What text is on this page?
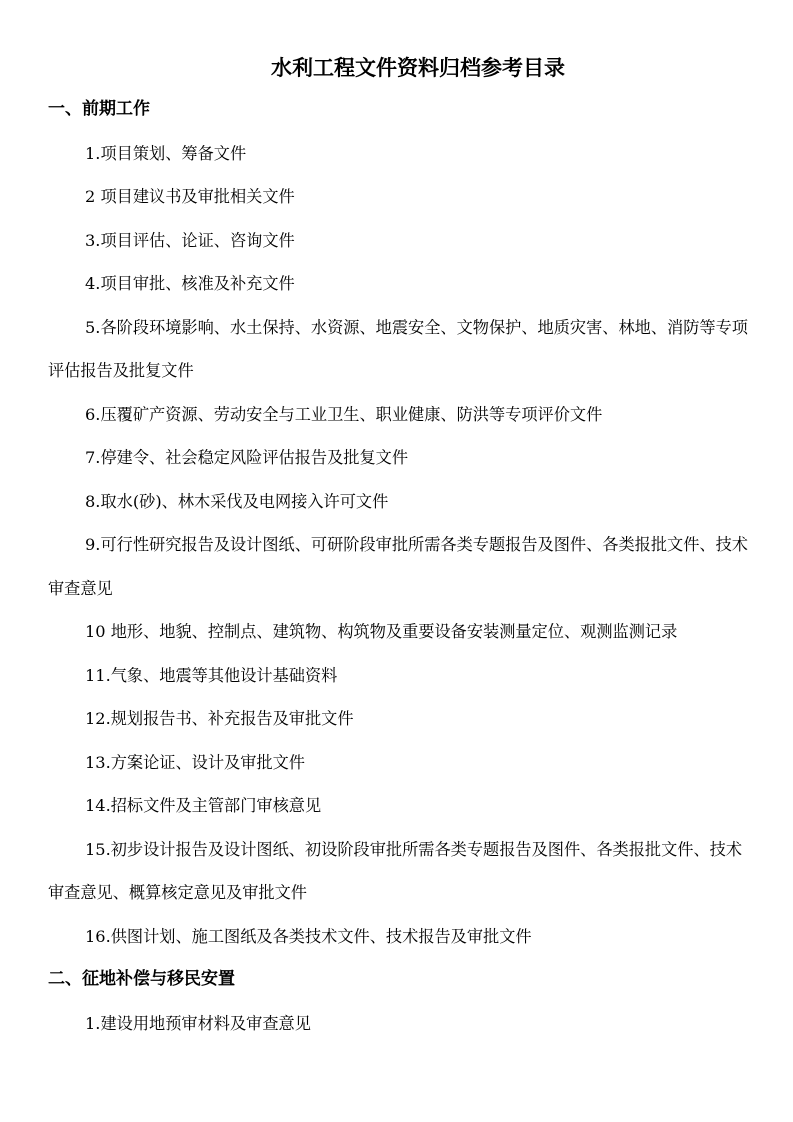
水利工程文件资料归档参考目录
一、前期工作

1.项目策划、筹备文件

2 项目建议书及审批相关文件

3.项目评估、论证、咨询文件

4.项目审批、核准及补充文件

5.各阶段环境影响、水土保持、水资源、地震安全、文物保护、地质灾害、林地、消防等专项评估报告及批复文件

6.压覆矿产资源、劳动安全与工业卫生、职业健康、防洪等专项评价文件

7.停建令、社会稳定风险评估报告及批复文件

8.取水(砂)、林木采伐及电网接入许可文件

9.可行性研究报告及设计图纸、可研阶段审批所需各类专题报告及图件、各类报批文件、技术审查意见

10 地形、地貌、控制点、建筑物、构筑物及重要设备安装测量定位、观测监测记录

11.气象、地震等其他设计基础资料

12.规划报告书、补充报告及审批文件

13.方案论证、设计及审批文件

14.招标文件及主管部门审核意见

15.初步设计报告及设计图纸、初设阶段审批所需各类专题报告及图件、各类报批文件、技术审查意见、概算核定意见及审批文件

16.供图计划、施工图纸及各类技术文件、技术报告及审批文件

二、征地补偿与移民安置

1.建设用地预审材料及审查意见
